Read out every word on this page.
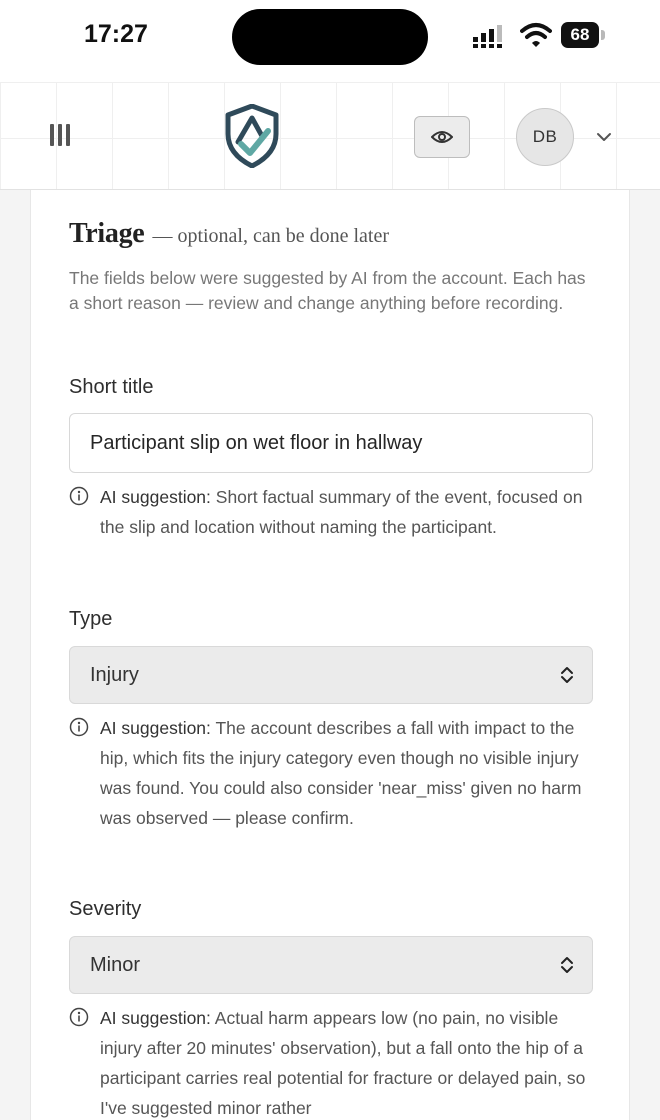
17:27	68
DB
Triage — optional, can be done later
The fields below were suggested by AI from the account. Each has a short reason — review and change anything before recording.
Short title
Participant slip on wet floor in hallway

AI suggestion: Short factual summary of the event, focused on the slip and location without naming the participant.

Type
Injury

AI suggestion: The account describes a fall with impact to the hip, which fits the injury category even though no visible injury was found. You could also consider 'near_miss' given no harm was observed — please confirm.

Severity
Minor

AI suggestion: Actual harm appears low (no pain, no visible injury after 20 minutes' observation), but a fall onto the hip of a participant carries real potential for fracture or delayed pain, so I've suggested minor rather
